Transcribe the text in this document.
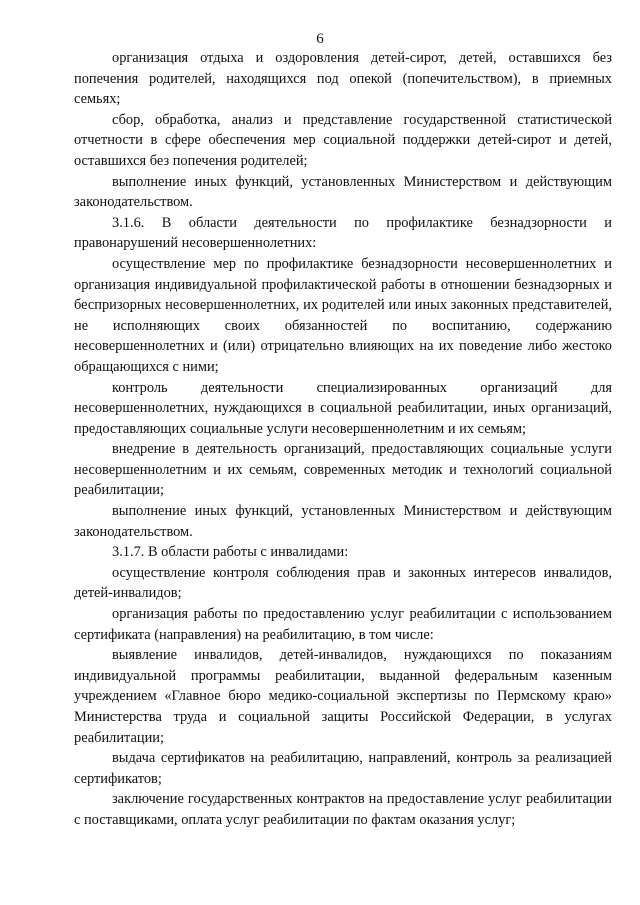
6

организация отдыха и оздоровления детей-сирот, детей, оставшихся без попечения родителей, находящихся под опекой (попечительством), в приемных семьях;

сбор, обработка, анализ и представление государственной статистической отчетности в сфере обеспечения мер социальной поддержки детей-сирот и детей, оставшихся без попечения родителей;

выполнение иных функций, установленных Министерством и действующим законодательством.

3.1.6. В области деятельности по профилактике безнадзорности и правонарушений несовершеннолетних:

осуществление мер по профилактике безнадзорности несовершеннолетних и организация индивидуальной профилактической работы в отношении безнадзорных и беспризорных несовершеннолетних, их родителей или иных законных представителей, не исполняющих своих обязанностей по воспитанию, содержанию несовершеннолетних и (или) отрицательно влияющих на их поведение либо жестоко обращающихся с ними;

контроль деятельности специализированных организаций для несовершеннолетних, нуждающихся в социальной реабилитации, иных организаций, предоставляющих социальные услуги несовершеннолетним и их семьям;

внедрение в деятельность организаций, предоставляющих социальные услуги несовершеннолетним и их семьям, современных методик и технологий социальной реабилитации;

выполнение иных функций, установленных Министерством и действующим законодательством.

3.1.7. В области работы с инвалидами:

осуществление контроля соблюдения прав и законных интересов инвалидов, детей-инвалидов;

организация работы по предоставлению услуг реабилитации с использованием сертификата (направления) на реабилитацию, в том числе:

выявление инвалидов, детей-инвалидов, нуждающихся по показаниям индивидуальной программы реабилитации, выданной федеральным казенным учреждением «Главное бюро медико-социальной экспертизы по Пермскому краю» Министерства труда и социальной защиты Российской Федерации, в услугах реабилитации;

выдача сертификатов на реабилитацию, направлений, контроль за реализацией сертификатов;

заключение государственных контрактов на предоставление услуг реабилитации с поставщиками, оплата услуг реабилитации по фактам оказания услуг;
